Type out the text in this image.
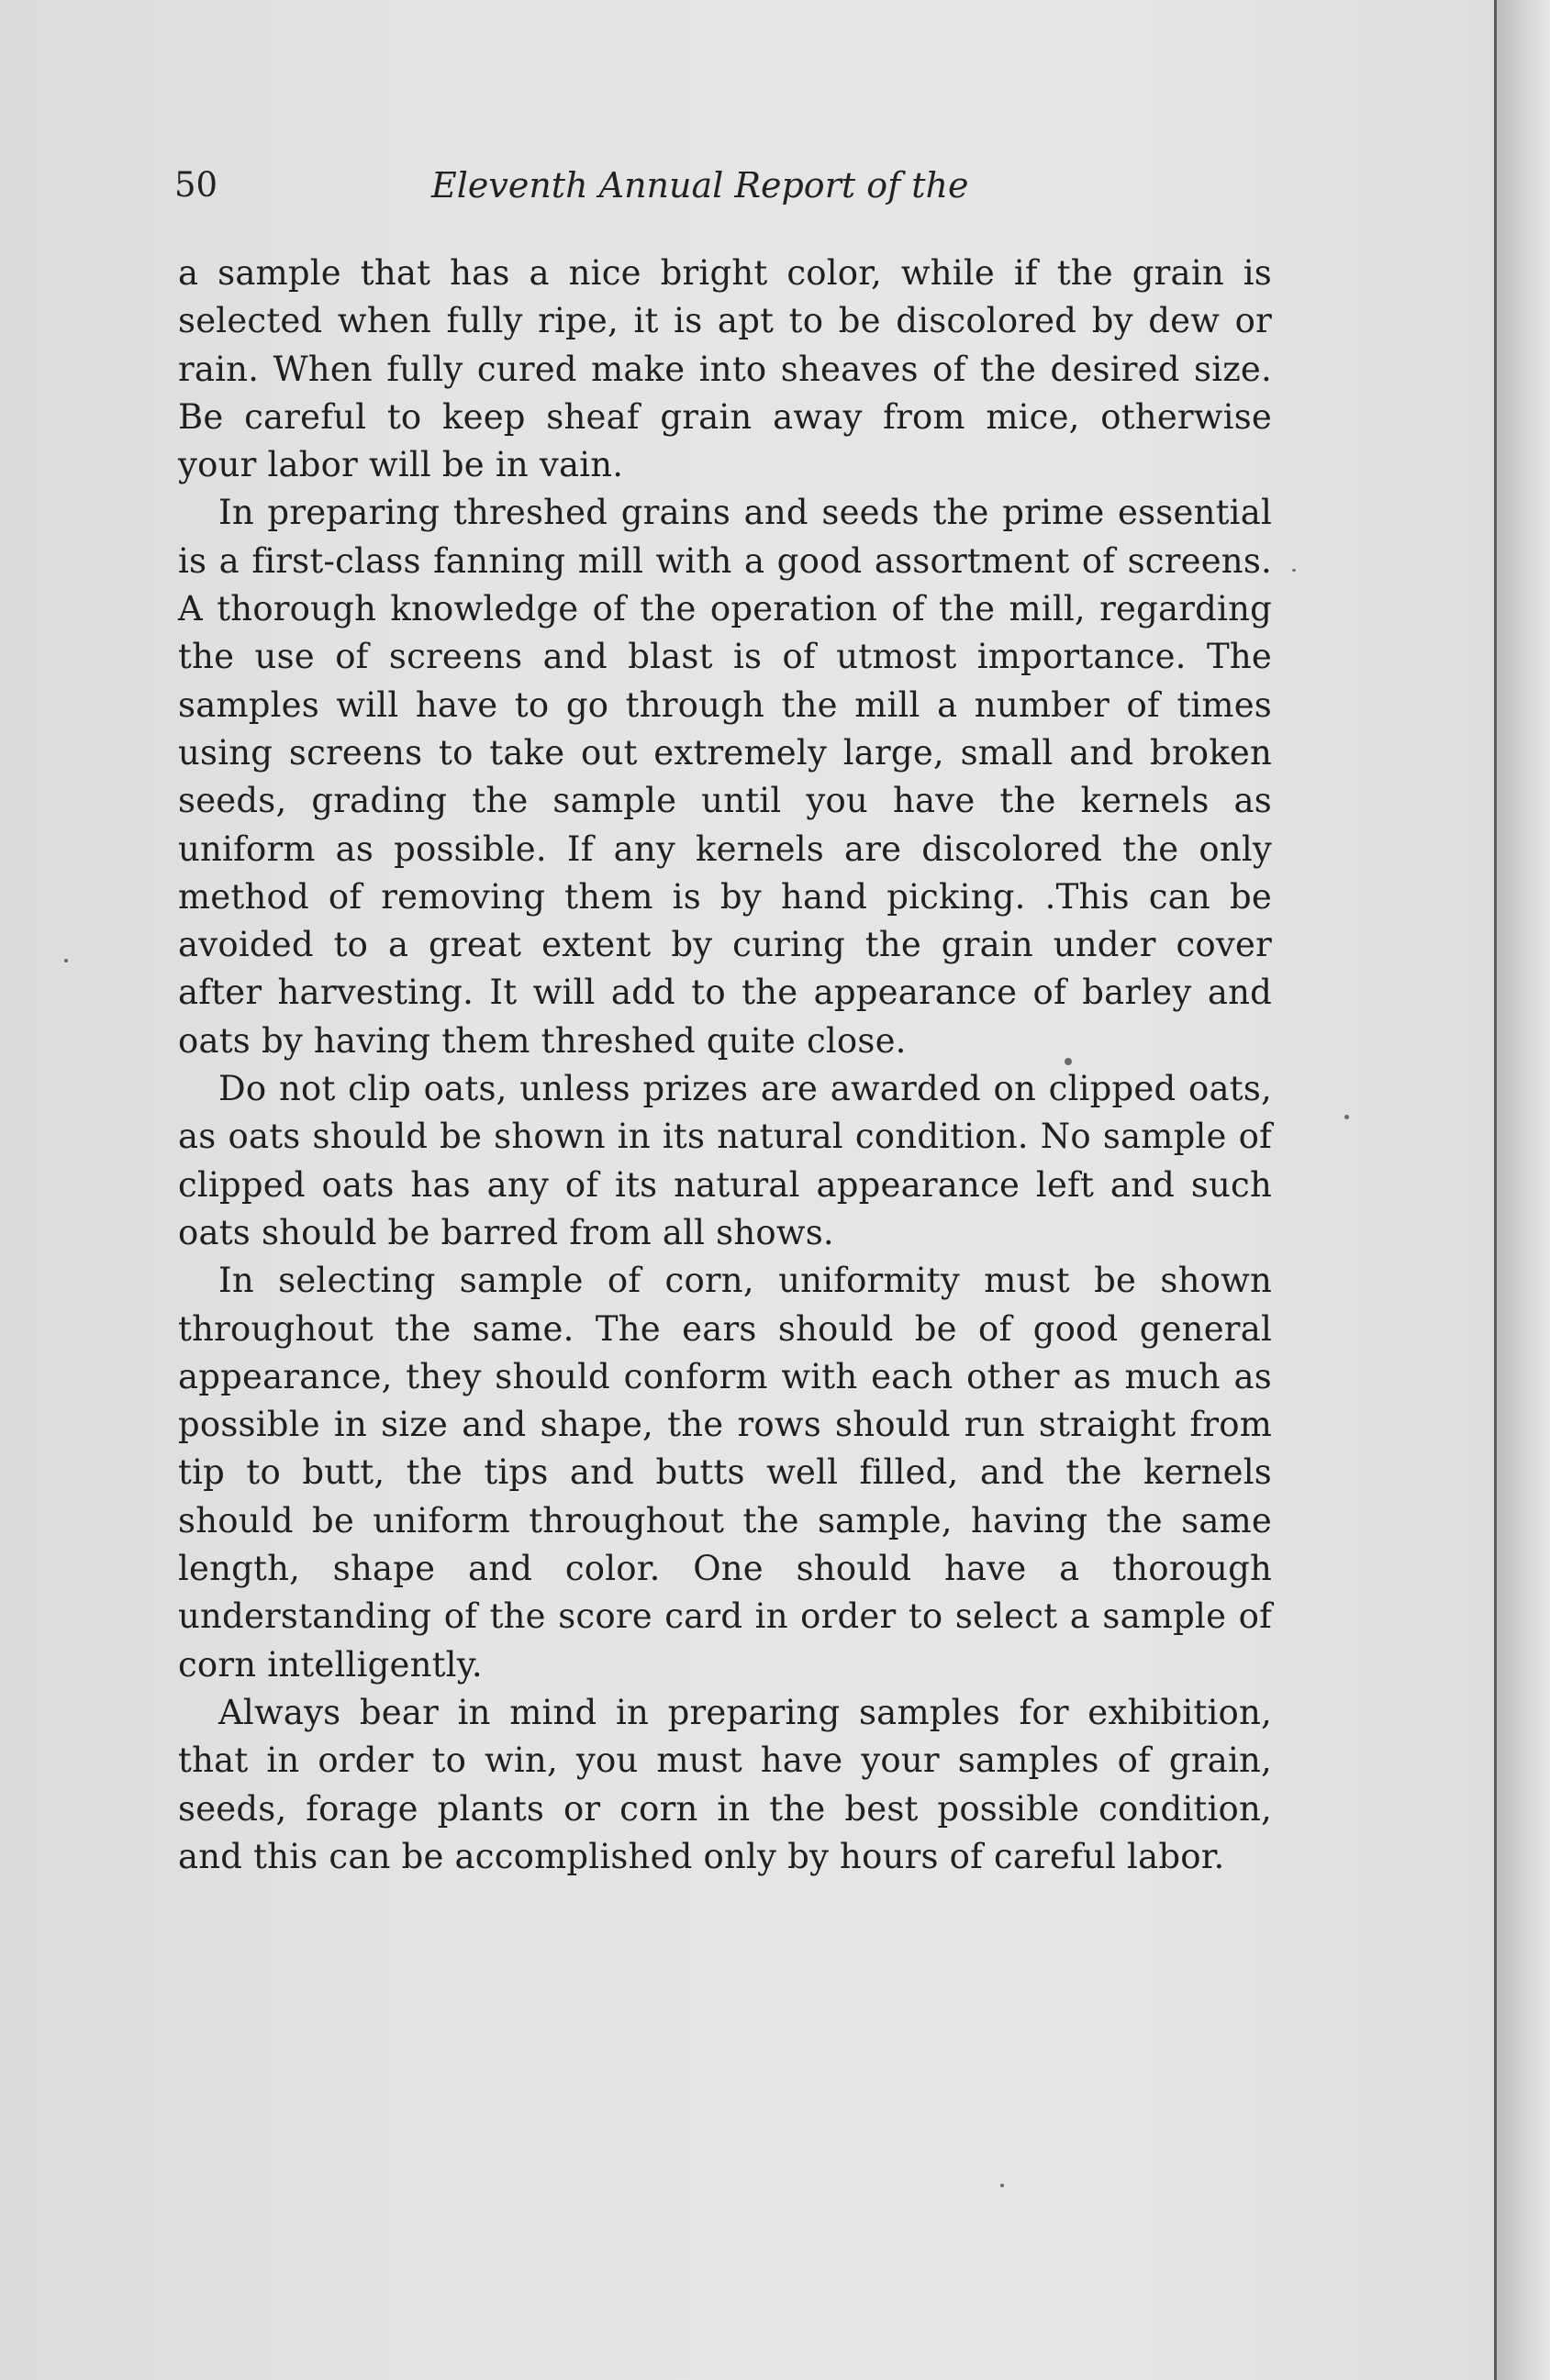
50	Eleventh Annual Report of the

a sample that has a nice bright color, while if the grain is selected when fully ripe, it is apt to be discolored by dew or rain. When fully cured make into sheaves of the desired size. Be careful to keep sheaf grain away from mice, otherwise your labor will be in vain.

In preparing threshed grains and seeds the prime essential is a first-class fanning mill with a good assortment of screens. A thorough knowledge of the operation of the mill, regarding the use of screens and blast is of utmost importance. The samples will have to go through the mill a number of times using screens to take out extremely large, small and broken seeds, grading the sample until you have the kernels as uniform as possible. If any kernels are discolored the only method of removing them is by hand picking. .This can be avoided to a great extent by curing the grain under cover after harvesting. It will add to the appearance of barley and oats by having them threshed quite close.

Do not clip oats, unless prizes are awarded on clipped oats, as oats should be shown in its natural condition. No sample of clipped oats has any of its natural appearance left and such oats should be barred from all shows.

In selecting sample of corn, uniformity must be shown throughout the same. The ears should be of good general appearance, they should conform with each other as much as possible in size and shape, the rows should run straight from tip to butt, the tips and butts well filled, and the kernels should be uniform throughout the sample, having the same length, shape and color. One should have a thorough understanding of the score card in order to select a sample of corn intelligently.

Always bear in mind in preparing samples for exhibition, that in order to win, you must have your samples of grain, seeds, forage plants or corn in the best possible condition, and this can be accomplished only by hours of careful labor.
